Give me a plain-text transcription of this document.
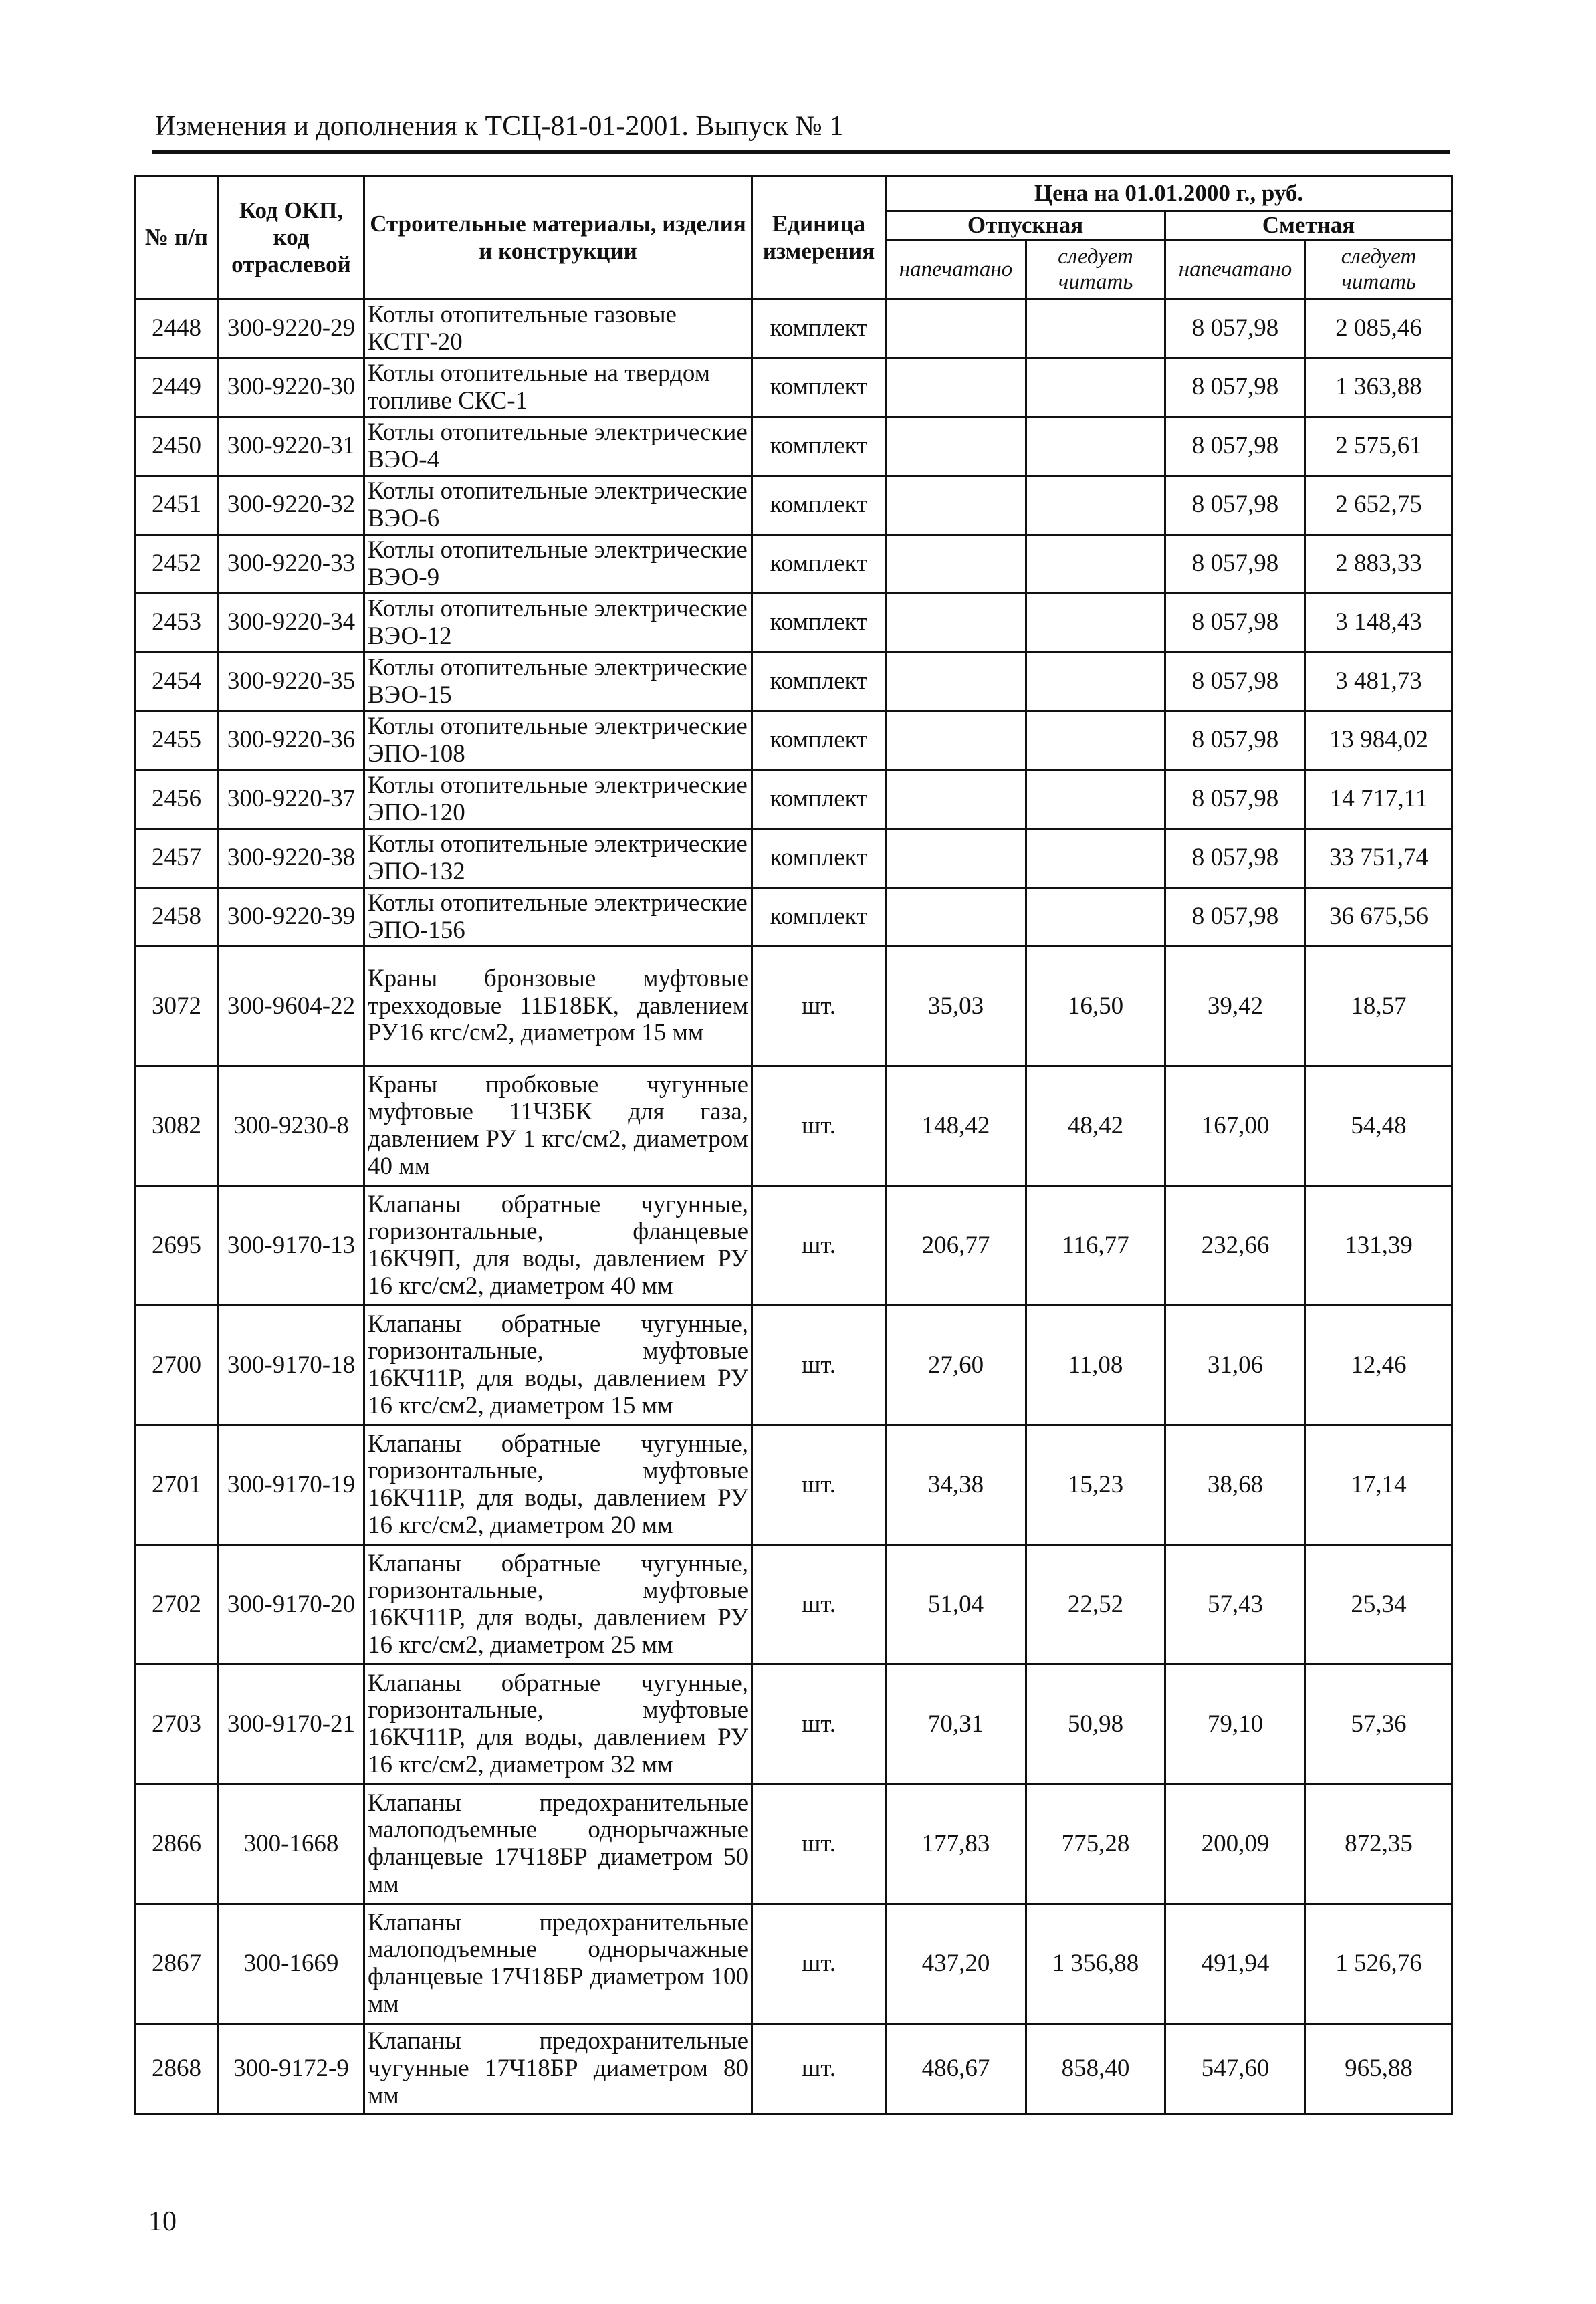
Изменения и дополнения к ТСЦ-81-01-2001. Выпуск № 1
№ п/п	Код ОКП, код отраслевой	Строительные материалы, изделия и конструкции	Единица измерения	Цена на 01.01.2000 г., руб.			
				Отпускная		Сметная	
				напечатано	следует читать	напечатано	следует читать
2448	300-9220-29	Котлы отопительные газовые КСТГ-20	комплект			8 057,98	2 085,46
2449	300-9220-30	Котлы отопительные на твердом топливе СКС-1	комплект			8 057,98	1 363,88
2450	300-9220-31	Котлы отопительные электрические ВЭО-4	комплект			8 057,98	2 575,61
2451	300-9220-32	Котлы отопительные электрические ВЭО-6	комплект			8 057,98	2 652,75
2452	300-9220-33	Котлы отопительные электрические ВЭО-9	комплект			8 057,98	2 883,33
2453	300-9220-34	Котлы отопительные электрические ВЭО-12	комплект			8 057,98	3 148,43
2454	300-9220-35	Котлы отопительные электрические ВЭО-15	комплект			8 057,98	3 481,73
2455	300-9220-36	Котлы отопительные электрические ЭПО-108	комплект			8 057,98	13 984,02
2456	300-9220-37	Котлы отопительные электрические ЭПО-120	комплект			8 057,98	14 717,11
2457	300-9220-38	Котлы отопительные электрические ЭПО-132	комплект			8 057,98	33 751,74
2458	300-9220-39	Котлы отопительные электрические ЭПО-156	комплект			8 057,98	36 675,56
3072	300-9604-22	Краны бронзовые муфтовые трехходовые 11Б18БК, давлением РУ16 кгс/см2, диаметром 15 мм	шт.	35,03	16,50	39,42	18,57
3082	300-9230-8	Краны пробковые чугунные муфтовые 11Ч3БК для газа, давлением РУ 1 кгс/см2, диаметром 40 мм	шт.	148,42	48,42	167,00	54,48
2695	300-9170-13	Клапаны обратные чугунные, горизонтальные, фланцевые 16КЧ9П, для воды, давлением РУ 16 кгс/см2, диаметром 40 мм	шт.	206,77	116,77	232,66	131,39
2700	300-9170-18	Клапаны обратные чугунные, горизонтальные, муфтовые 16КЧ11Р, для воды, давлением РУ 16 кгс/см2, диаметром 15 мм	шт.	27,60	11,08	31,06	12,46
2701	300-9170-19	Клапаны обратные чугунные, горизонтальные, муфтовые 16КЧ11Р, для воды, давлением РУ 16 кгс/см2, диаметром 20 мм	шт.	34,38	15,23	38,68	17,14
2702	300-9170-20	Клапаны обратные чугунные, горизонтальные, муфтовые 16КЧ11Р, для воды, давлением РУ 16 кгс/см2, диаметром 25 мм	шт.	51,04	22,52	57,43	25,34
2703	300-9170-21	Клапаны обратные чугунные, горизонтальные, муфтовые 16КЧ11Р, для воды, давлением РУ 16 кгс/см2, диаметром 32 мм	шт.	70,31	50,98	79,10	57,36
2866	300-1668	Клапаны предохранительные малоподъемные однорычажные фланцевые 17Ч18БР диаметром 50 мм	шт.	177,83	775,28	200,09	872,35
2867	300-1669	Клапаны предохранительные малоподъемные однорычажные фланцевые 17Ч18БР диаметром 100 мм	шт.	437,20	1 356,88	491,94	1 526,76
2868	300-9172-9	Клапаны предохранительные чугунные 17Ч18БР диаметром 80 мм	шт.	486,67	858,40	547,60	965,88
10
